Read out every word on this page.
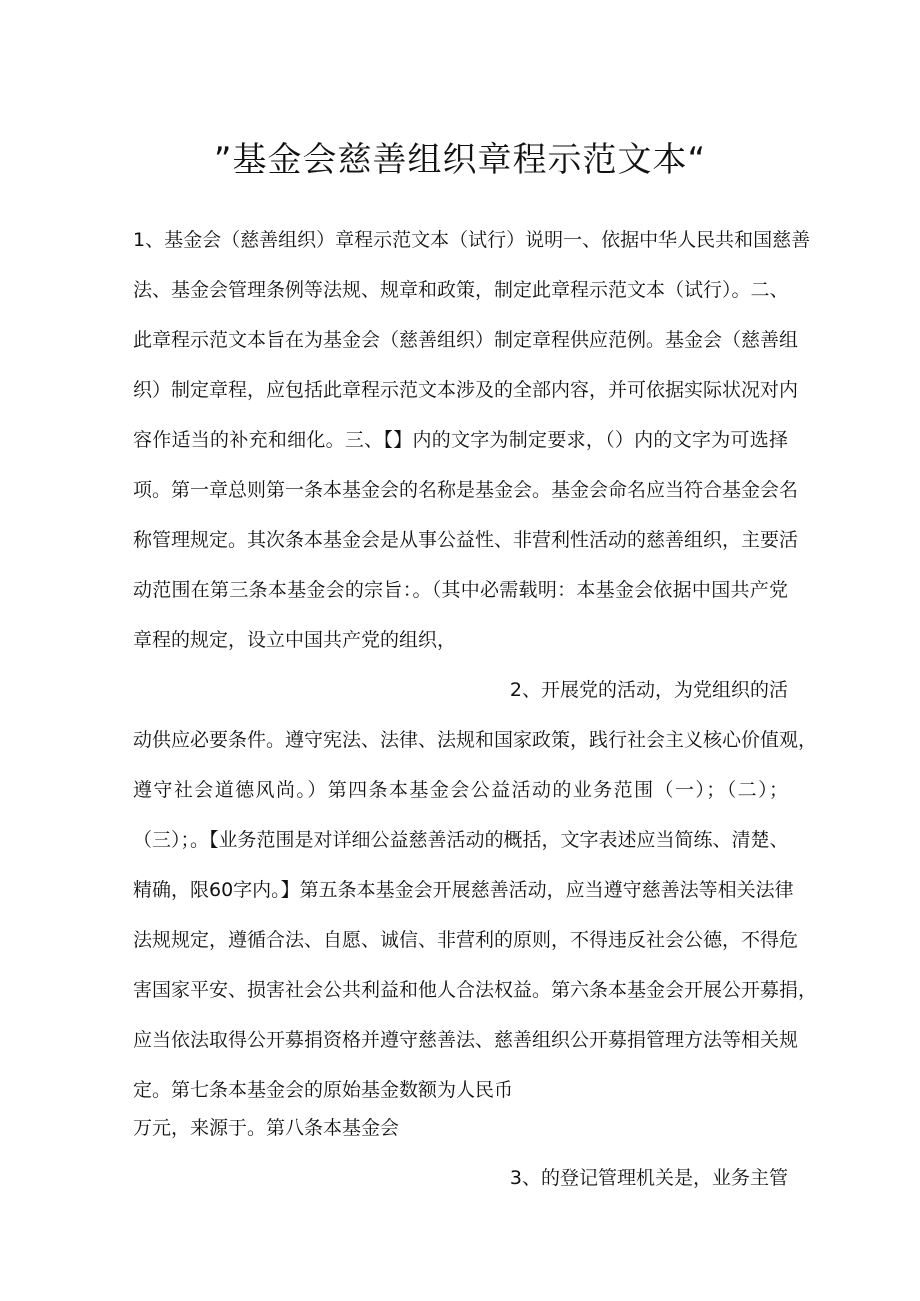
”基金会慈善组织章程示范文本“
1、基金会（慈善组织）章程示范文本（试行）说明一、依据中华人民共和国慈善
法、基金会管理条例等法规、规章和政策，制定此章程示范文本（试行）。二、
此章程示范文本旨在为基金会（慈善组织）制定章程供应范例。基金会（慈善组
织）制定章程，应包括此章程示范文本涉及的全部内容，并可依据实际状况对内
容作适当的补充和细化。三、【】内的文字为制定要求，（）内的文字为可选择
项。第一章总则第一条本基金会的名称是基金会。基金会命名应当符合基金会名
称管理规定。其次条本基金会是从事公益性、非营利性活动的慈善组织，主要活
动范围在第三条本基金会的宗旨：。（其中必需载明：本基金会依据中国共产党
章程的规定，设立中国共产党的组织，
2、开展党的活动，为党组织的活
动供应必要条件。遵守宪法、法律、法规和国家政策，践行社会主义核心价值观，
遵守社会道德风尚。）第四条本基金会公益活动的业务范围（一）；（二）；
（三）；。【业务范围是对详细公益慈善活动的概括，文字表述应当简练、清楚、
精确，限60字内。】第五条本基金会开展慈善活动，应当遵守慈善法等相关法律
法规规定，遵循合法、自愿、诚信、非营利的原则，不得违反社会公德，不得危
害国家平安、损害社会公共利益和他人合法权益。第六条本基金会开展公开募捐，
应当依法取得公开募捐资格并遵守慈善法、慈善组织公开募捐管理方法等相关规
定。第七条本基金会的原始基金数额为人民币
万元，来源于。第八条本基金会
3、的登记管理机关是，业务主管
